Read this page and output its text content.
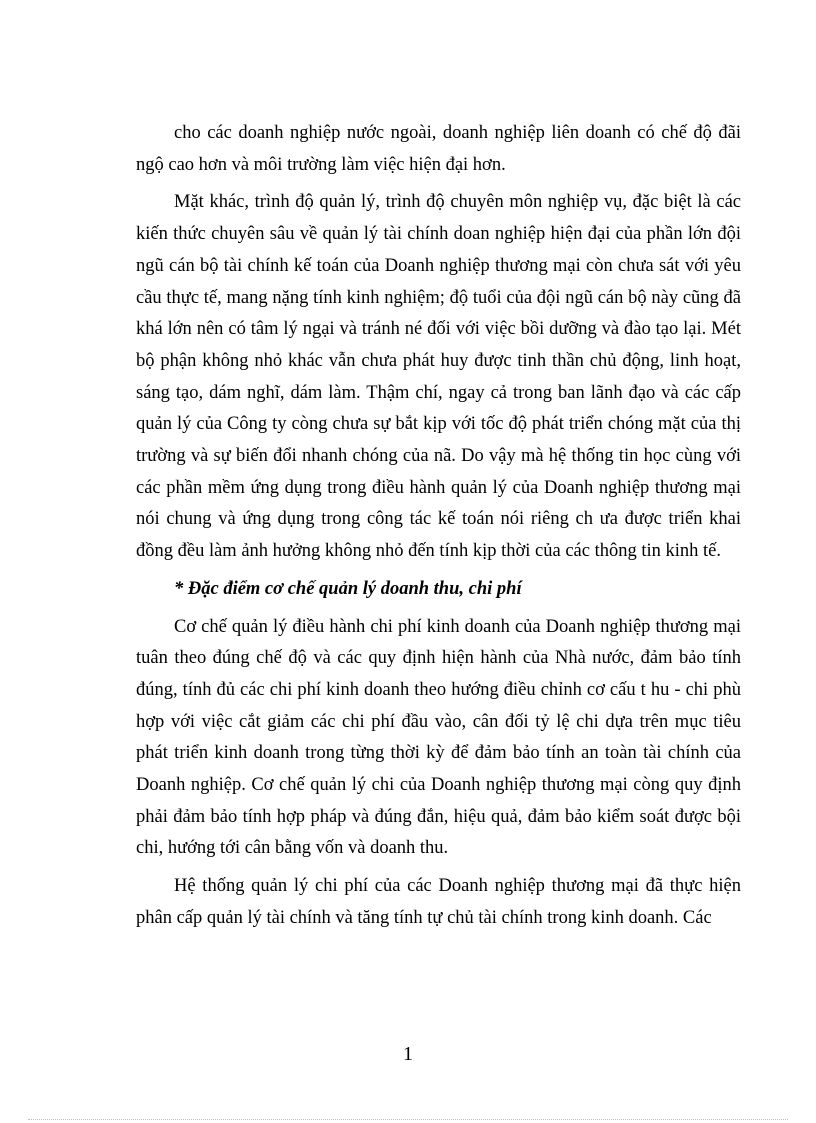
cho các doanh nghiệp nước ngoài, doanh nghiệp liên doanh có chế độ đãi ngộ cao hơn và môi trường làm việc hiện đại hơn.

Mặt khác, trình độ quản lý, trình độ chuyên môn nghiệp vụ, đặc biệt là các kiến thức chuyên sâu về quản lý tài chính doan nghiệp hiện đại của phần lớn đội ngũ cán bộ tài chính kế toán của Doanh nghiệp thương mại còn chưa sát với yêu cầu thực tế, mang nặng tính kinh nghiệm; độ tuổi của đội ngũ cán bộ này cũng đã khá lớn nên có tâm lý ngại và tránh né đối với việc bồi dưỡng và đào tạo lại. Mét bộ phận không nhỏ khác vẫn chưa phát huy được tinh thần chủ động, linh hoạt, sáng tạo, dám nghĩ, dám làm. Thậm chí, ngay cả trong ban lãnh đạo và các cấp quản lý của Công ty còng chưa sự bắt kịp với tốc độ phát triển chóng mặt của thị trường và sự biến đổi nhanh chóng của nã. Do vậy mà hệ thống tin học cùng với các phần mềm ứng dụng trong điều hành quản lý của Doanh nghiệp thương mại nói chung và ứng dụng trong công tác kế toán nói riêng ch ưa được triển khai đồng đều làm ảnh hưởng không nhỏ đến tính kịp thời của các thông tin kinh tế.

* Đặc điểm cơ chế quản lý doanh thu, chi phí

Cơ chế quản lý điều hành chi phí kinh doanh của Doanh nghiệp thương mại tuân theo đúng chế độ và các quy định hiện hành của Nhà nước, đảm bảo tính đúng, tính đủ các chi phí kinh doanh theo hướng điều chỉnh cơ cấu t hu - chi phù hợp với việc cắt giảm các chi phí đầu vào, cân đối tỷ lệ chi dựa trên mục tiêu phát triển kinh doanh trong từng thời kỳ để đảm bảo tính an toàn tài chính của Doanh nghiệp. Cơ chế quản lý chi của Doanh nghiệp thương mại còng quy định phải đảm bảo tính hợp pháp và đúng đắn, hiệu quả, đảm bảo kiểm soát được bội chi, hướng tới cân bằng vốn và doanh thu.

Hệ thống quản lý chi phí của các Doanh nghiệp thương mại đã thực hiện phân cấp quản lý tài chính và tăng tính tự chủ tài chính trong kinh doanh. Các

1
